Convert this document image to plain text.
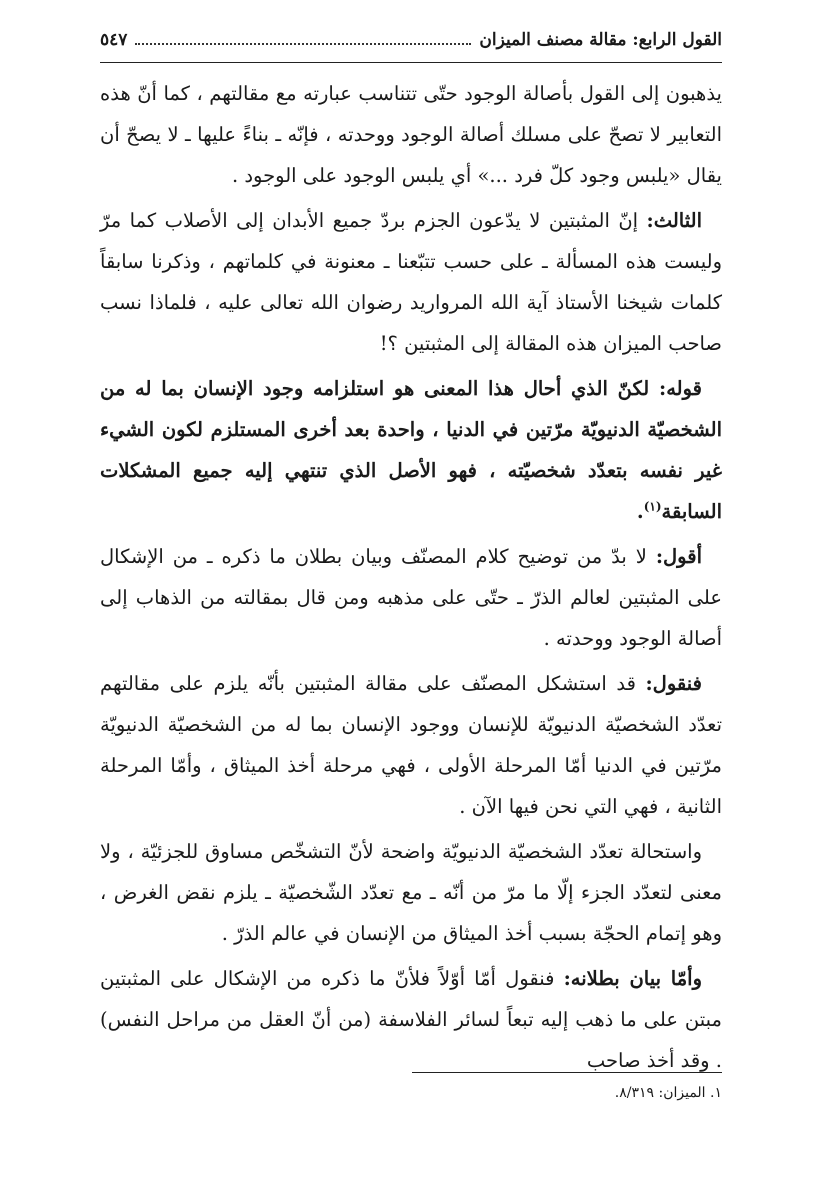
القول الرابع: مقالة مصنف الميزان
٥٤٧

يذهبون إلى القول بأصالة الوجود حتّى تتناسب عبارته مع مقالتهم ، كما أنّ هذه التعابير لا تصحّ على مسلك أصالة الوجود ووحدته ، فإنّه ـ بناءً عليها ـ لا يصحّ أن يقال «يلبس وجود كلّ فرد ...» أي يلبس الوجود على الوجود .

الثالث: إنّ المثبتين لا يدّعون الجزم بردّ جميع الأبدان إلى الأصلاب كما مرّ وليست هذه المسألة ـ على حسب تتبّعنا ـ معنونة في كلماتهم ، وذكرنا سابقاً كلمات شيخنا الأستاذ آية الله المرواريد رضوان الله تعالى عليه ، فلماذا نسب صاحب الميزان هذه المقالة إلى المثبتين ؟!

قوله: لكنّ الذي أحال هذا المعنى هو استلزامه وجود الإنسان بما له من الشخصيّة الدنيويّة مرّتين في الدنيا ، واحدة بعد أخرى المستلزم لكون الشيء غير نفسه بتعدّد شخصيّته ، فهو الأصل الذي تنتهي إليه جميع المشكلات السابقة$^{(١)}$.

أقول: لا بدّ من توضيح كلام المصنّف وبيان بطلان ما ذكره ـ من الإشكال على المثبتين لعالم الذرّ ـ حتّى على مذهبه ومن قال بمقالته من الذهاب إلى أصالة الوجود ووحدته .

فنقول: قد استشكل المصنّف على مقالة المثبتين بأنّه يلزم على مقالتهم تعدّد الشخصيّة الدنيويّة للإنسان ووجود الإنسان بما له من الشخصيّة الدنيويّة مرّتين في الدنيا أمّا المرحلة الأولى ، فهي مرحلة أخذ الميثاق ، وأمّا المرحلة الثانية ، فهي التي نحن فيها الآن .

واستحالة تعدّد الشخصيّة الدنيويّة واضحة لأنّ التشخّص مساوق للجزئيّة ، ولا معنى لتعدّد الجزء إلّا ما مرّ من أنّه ـ مع تعدّد الشّخصيّة ـ يلزم نقض الغرض ، وهو إتمام الحجّة بسبب أخذ الميثاق من الإنسان في عالم الذرّ .

وأمّا بيان بطلانه: فنقول أمّا أوّلاً فلأنّ ما ذكره من الإشكال على المثبتين مبتن على ما ذهب إليه تبعاً لسائر الفلاسفة (من أنّ العقل من مراحل النفس) . وقد أخذ صاحب

١. الميزان: ٨/٣١٩.
